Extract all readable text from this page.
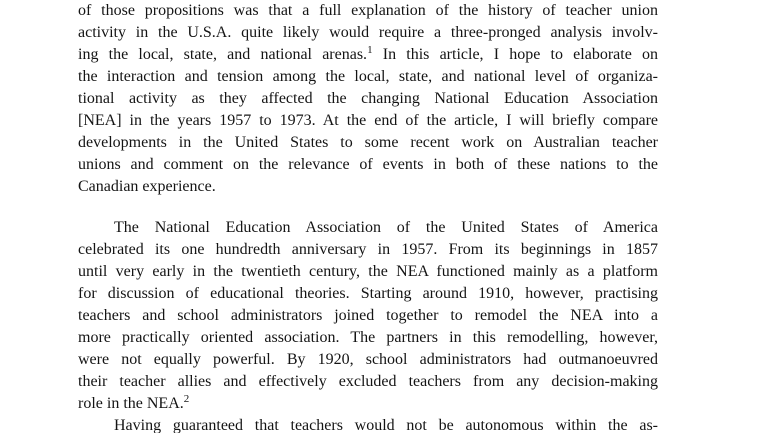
of those propositions was that a full explanation of the history of teacher union
activity in the U.S.A. quite likely would require a three-pronged analysis involv-
ing the local, state, and national arenas.$^1$ In this article, I hope to elaborate on
the interaction and tension among the local, state, and national level of organiza-
tional activity as they affected the changing National Education Association
[NEA] in the years 1957 to 1973. At the end of the article, I will briefly compare
developments in the United States to some recent work on Australian teacher
unions and comment on the relevance of events in both of these nations to the
Canadian experience.
The National Education Association of the United States of America
celebrated its one hundredth anniversary in 1957. From its beginnings in 1857
until very early in the twentieth century, the NEA functioned mainly as a platform
for discussion of educational theories. Starting around 1910, however, practising
teachers and school administrators joined together to remodel the NEA into a
more practically oriented association. The partners in this remodelling, however,
were not equally powerful. By 1920, school administrators had outmanoeuvred
their teacher allies and effectively excluded teachers from any decision-making
role in the NEA.$^2$
Having guaranteed that teachers would not be autonomous within the as-
